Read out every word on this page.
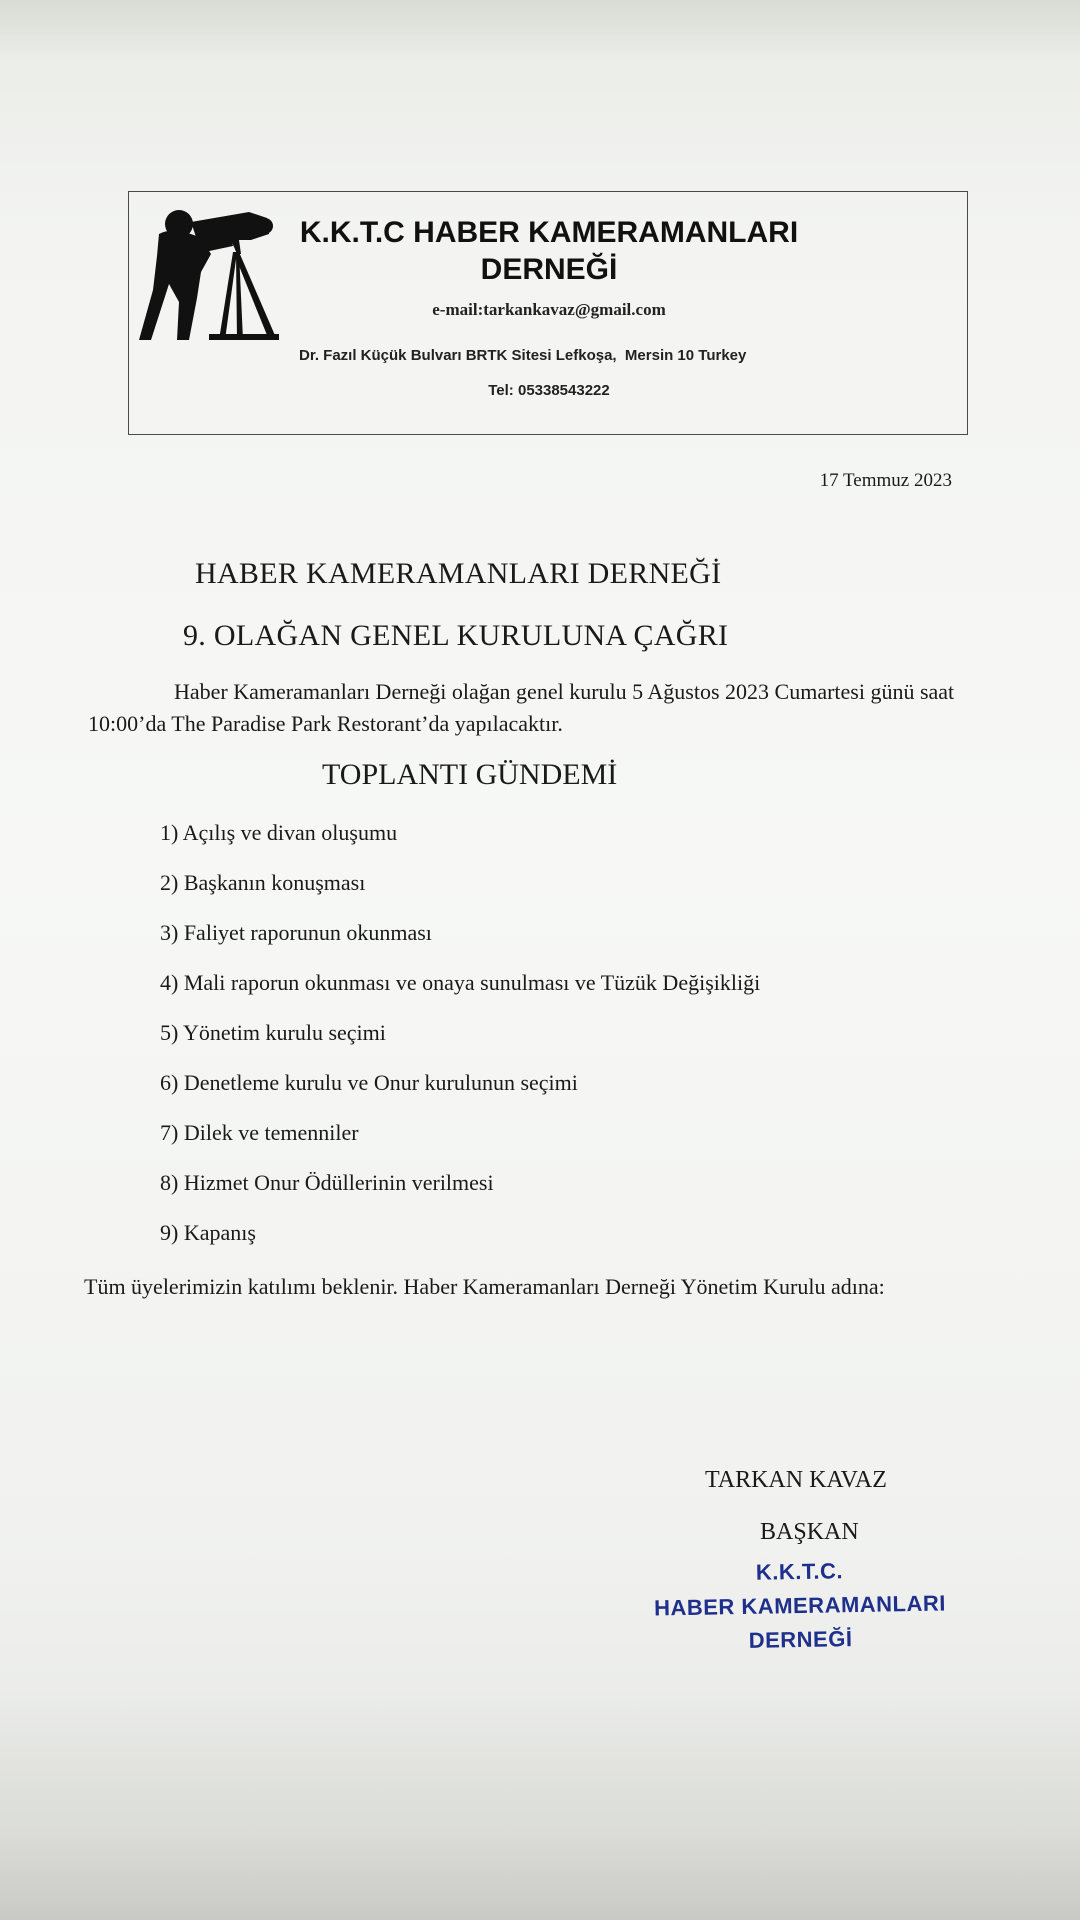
K.K.T.C HABER KAMERAMANLARI DERNEĞİ
e-mail:tarkankavaz@gmail.com
Dr. Fazıl Küçük Bulvarı BRTK Sitesi Lefkoşa,  Mersin 10 Turkey
Tel: 05338543222
17 Temmuz 2023
HABER KAMERAMANLARI DERNEĞİ
9. OLAĞAN GENEL KURULUNA ÇAĞRI
Haber Kameramanları Derneği olağan genel kurulu 5 Ağustos 2023 Cumartesi günü saat 10:00’da The Paradise Park Restorant’da yapılacaktır.
TOPLANTI GÜNDEMİ
1) Açılış ve divan oluşumu
2) Başkanın konuşması
3) Faliyet raporunun okunması
4) Mali raporun okunması ve onaya sunulması ve Tüzük Değişikliği
5) Yönetim kurulu seçimi
6) Denetleme kurulu ve Onur kurulunun seçimi
7) Dilek ve temenniler
8) Hizmet Onur Ödüllerinin verilmesi
9) Kapanış
Tüm üyelerimizin katılımı beklenir. Haber Kameramanları Derneği Yönetim Kurulu adına:
TARKAN KAVAZ
BAŞKAN
K.K.T.C.
HABER KAMERAMANLARI
DERNEĞİ
